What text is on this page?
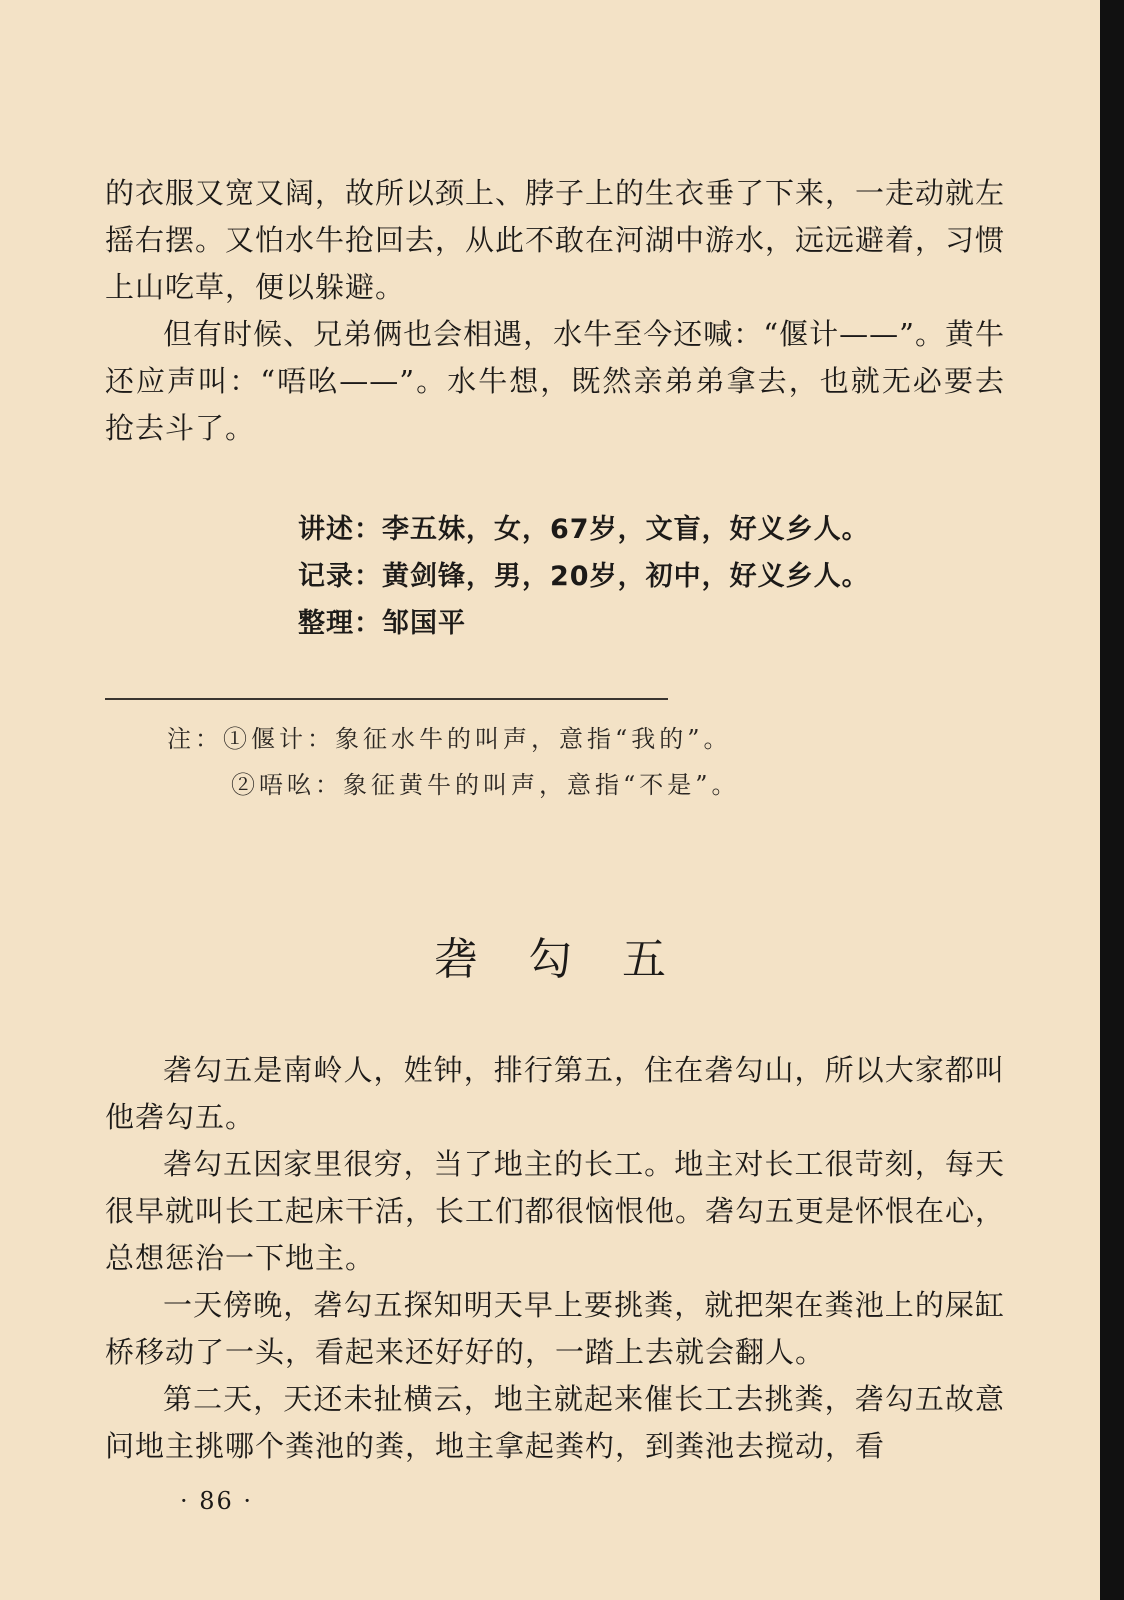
的衣服又宽又阔，故所以颈上、脖子上的生衣垂了下来，一走动就左摇右摆。又怕水牛抢回去，从此不敢在河湖中游水，远远避着，习惯上山吃草，便以躲避。

但有时候、兄弟俩也会相遇，水牛至今还喊：“偃计——”。黄牛还应声叫：“唔吆——”。水牛想，既然亲弟弟拿去，也就无必要去抢去斗了。

讲述：李五妹，女，67岁，文盲，好义乡人。
记录：黄剑锋，男，20岁，初中，好义乡人。
整理：邹国平
注：①偃计：象征水牛的叫声，意指“我的”。
②唔吆：象征黄牛的叫声，意指“不是”。
砻勾五

砻勾五是南岭人，姓钟，排行第五，住在砻勾山，所以大家都叫他砻勾五。

砻勾五因家里很穷，当了地主的长工。地主对长工很苛刻，每天很早就叫长工起床干活，长工们都很恼恨他。砻勾五更是怀恨在心，总想惩治一下地主。

一天傍晚，砻勾五探知明天早上要挑粪，就把架在粪池上的屎缸桥移动了一头，看起来还好好的，一踏上去就会翻人。

第二天，天还未扯横云，地主就起来催长工去挑粪，砻勾五故意问地主挑哪个粪池的粪，地主拿起粪杓，到粪池去搅动，看

· 86 ·
